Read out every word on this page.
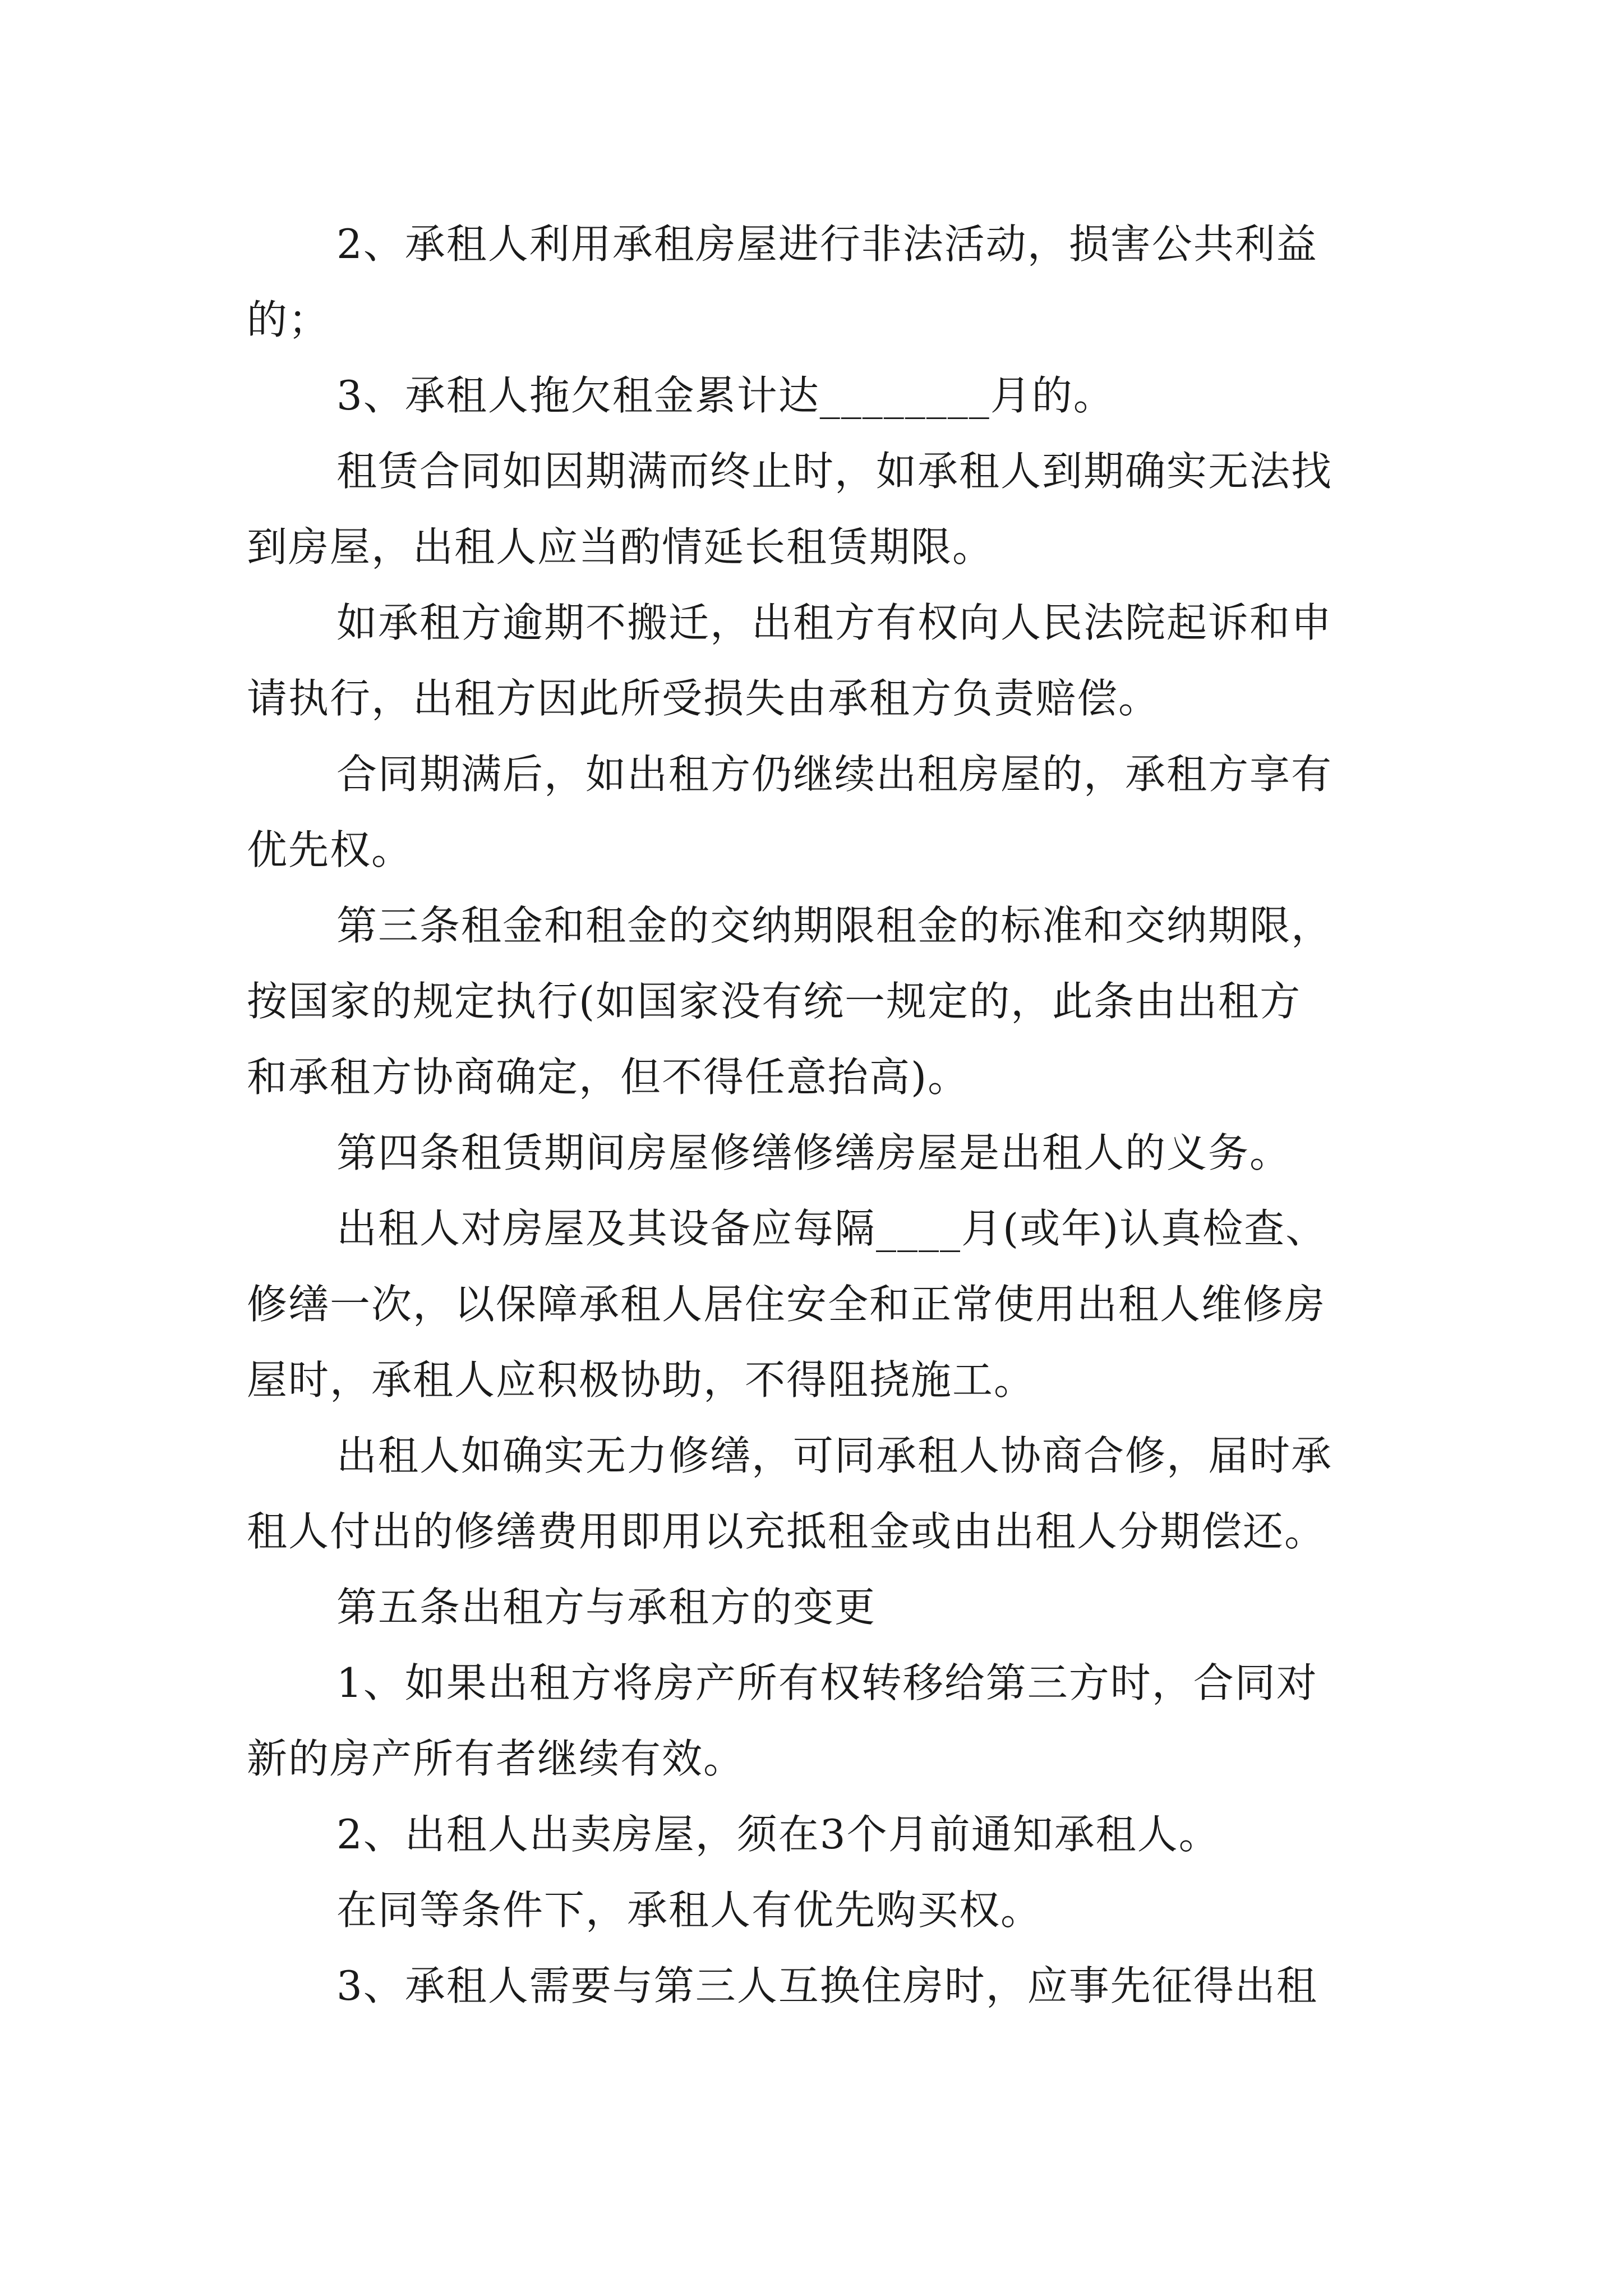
2、承租人利用承租房屋进行非法活动，损害公共利益
的；
3、承租人拖欠租金累计达________月的。
租赁合同如因期满而终止时，如承租人到期确实无法找
到房屋，出租人应当酌情延长租赁期限。
如承租方逾期不搬迁，出租方有权向人民法院起诉和申
请执行，出租方因此所受损失由承租方负责赔偿。
合同期满后，如出租方仍继续出租房屋的，承租方享有
优先权。
第三条租金和租金的交纳期限租金的标准和交纳期限，
按国家的规定执行(如国家没有统一规定的，此条由出租方
和承租方协商确定，但不得任意抬高)。
第四条租赁期间房屋修缮修缮房屋是出租人的义务。
出租人对房屋及其设备应每隔____月(或年)认真检查、
修缮一次，以保障承租人居住安全和正常使用出租人维修房
屋时，承租人应积极协助，不得阻挠施工。
出租人如确实无力修缮，可同承租人协商合修，届时承
租人付出的修缮费用即用以充抵租金或由出租人分期偿还。
第五条出租方与承租方的变更
1、如果出租方将房产所有权转移给第三方时，合同对
新的房产所有者继续有效。
2、出租人出卖房屋，须在3个月前通知承租人。
在同等条件下，承租人有优先购买权。
3、承租人需要与第三人互换住房时，应事先征得出租
